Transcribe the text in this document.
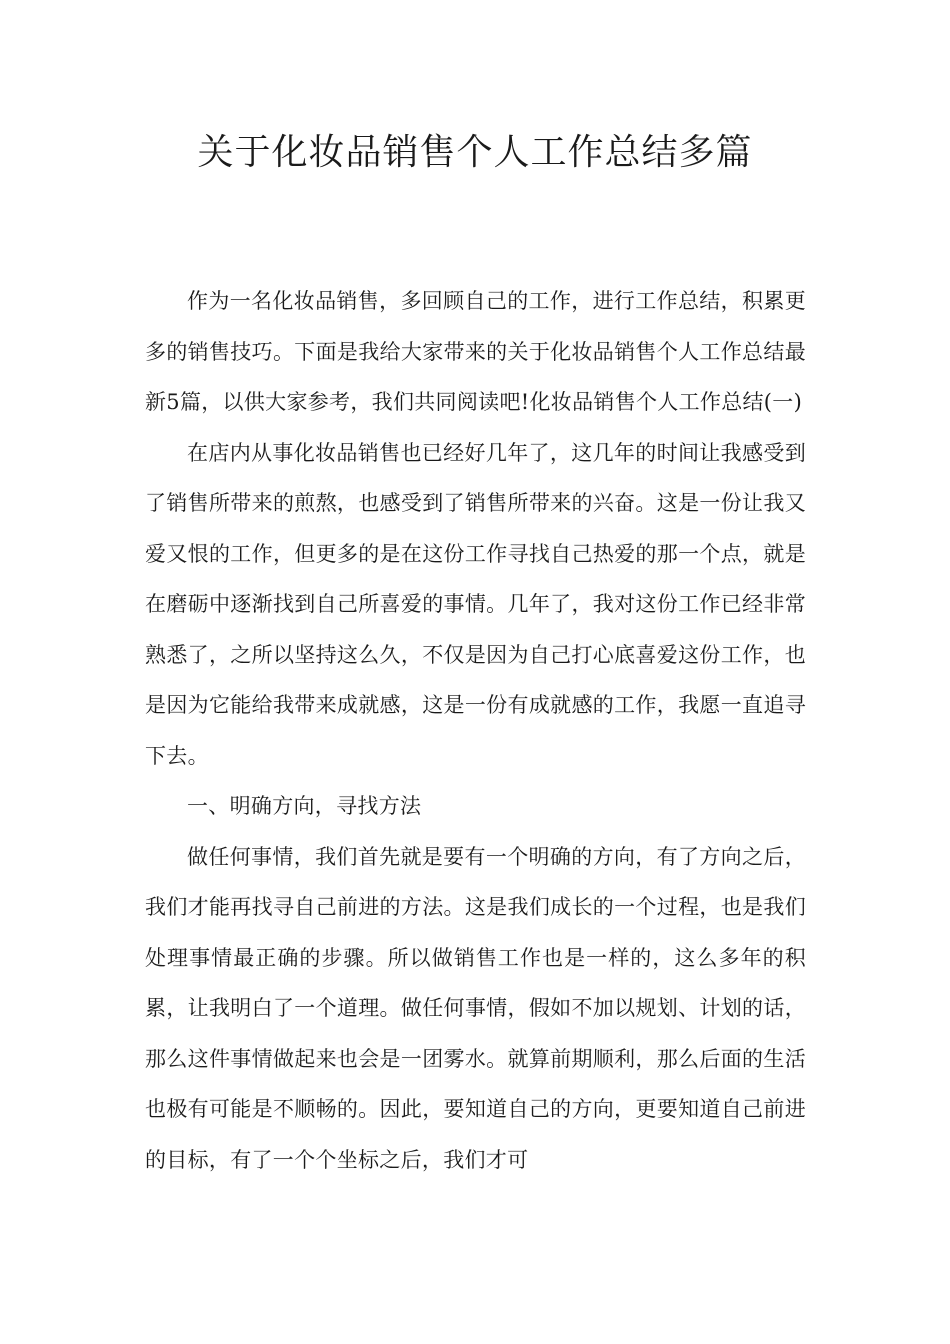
关于化妆品销售个人工作总结多篇

作为一名化妆品销售，多回顾自己的工作，进行工作总结，积累更多的销售技巧。下面是我给大家带来的关于化妆品销售个人工作总结最新5篇，以供大家参考，我们共同阅读吧!化妆品销售个人工作总结(一)

在店内从事化妆品销售也已经好几年了，这几年的时间让我感受到了销售所带来的煎熬，也感受到了销售所带来的兴奋。这是一份让我又爱又恨的工作，但更多的是在这份工作寻找自己热爱的那一个点，就是在磨砺中逐渐找到自己所喜爱的事情。几年了，我对这份工作已经非常熟悉了，之所以坚持这么久，不仅是因为自己打心底喜爱这份工作，也是因为它能给我带来成就感，这是一份有成就感的工作，我愿一直追寻下去。

一、明确方向，寻找方法

做任何事情，我们首先就是要有一个明确的方向，有了方向之后，我们才能再找寻自己前进的方法。这是我们成长的一个过程，也是我们处理事情最正确的步骤。所以做销售工作也是一样的，这么多年的积累，让我明白了一个道理。做任何事情，假如不加以规划、计划的话，那么这件事情做起来也会是一团雾水。就算前期顺利，那么后面的生活也极有可能是不顺畅的。因此，要知道自己的方向，更要知道自己前进的目标，有了一个个坐标之后，我们才可
